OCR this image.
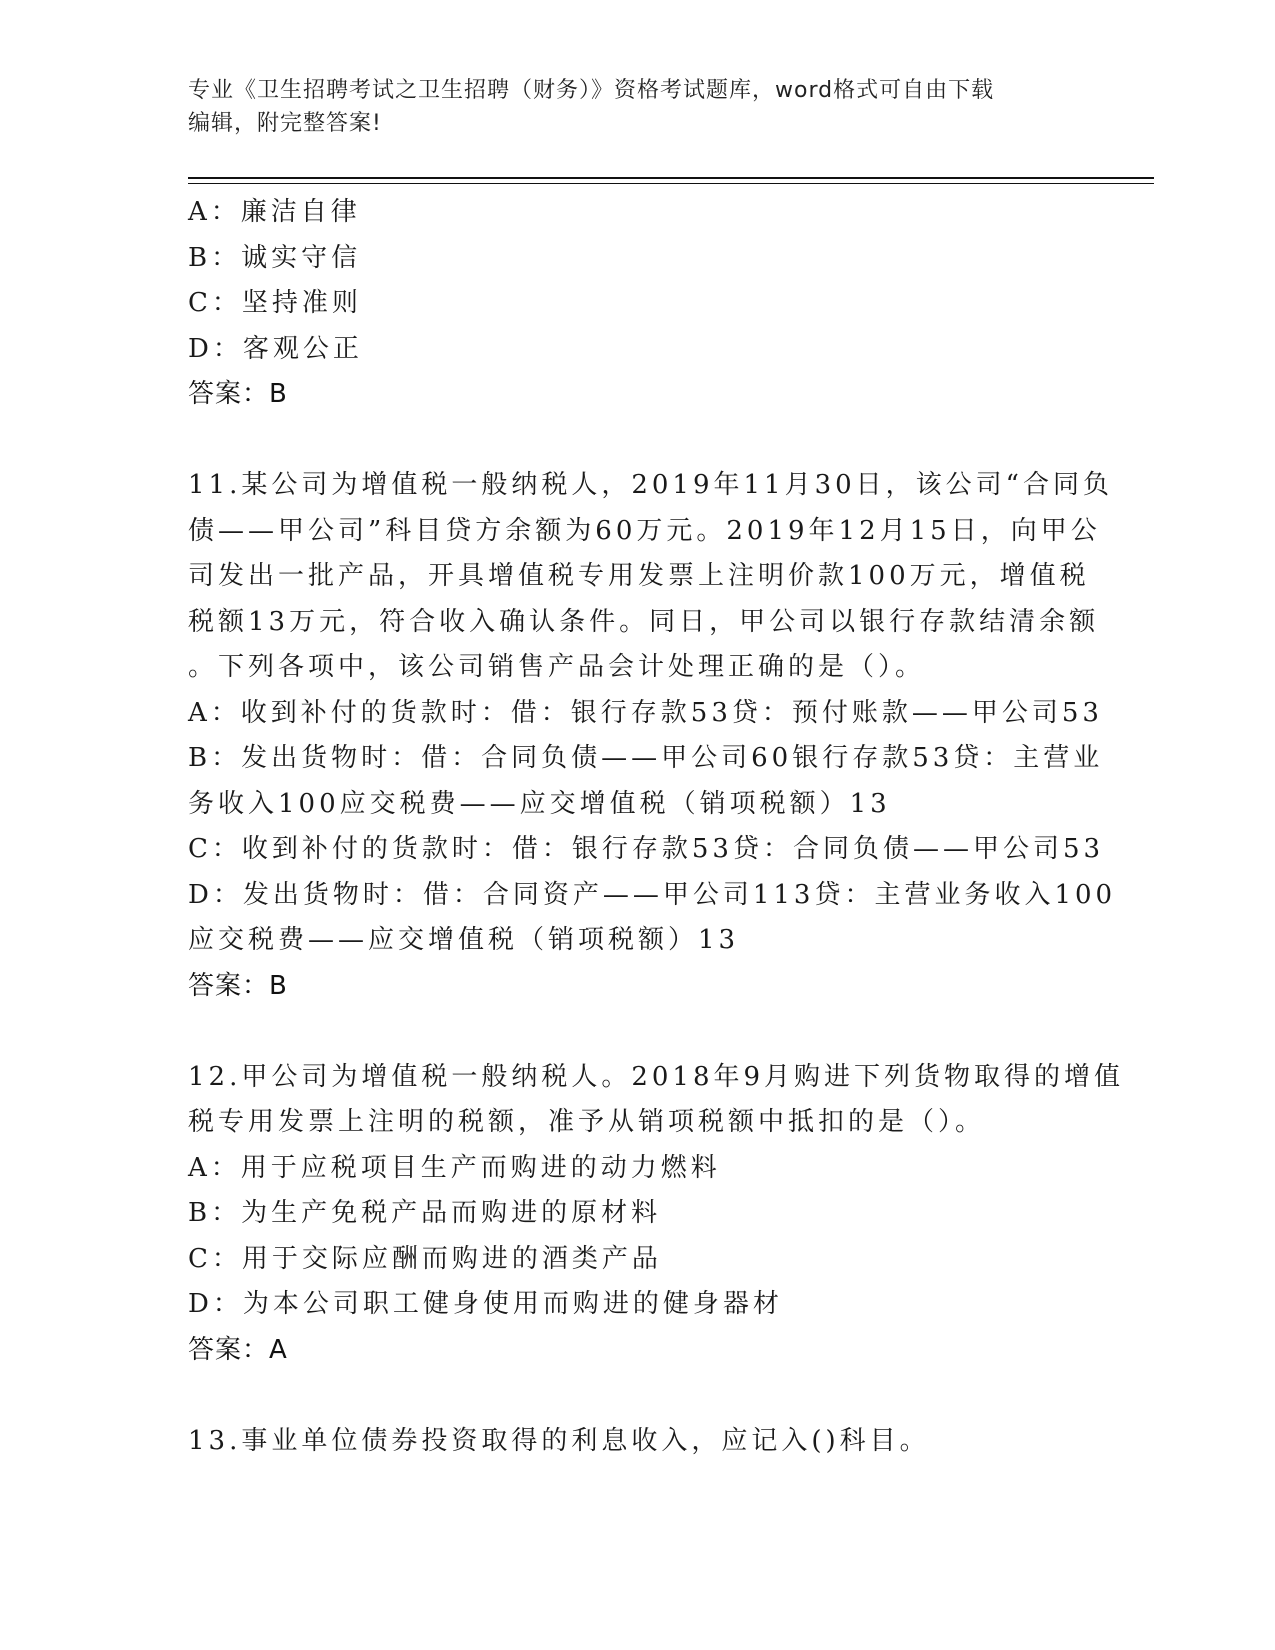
专业《卫生招聘考试之卫生招聘（财务）》资格考试题库，word格式可自由下载
编辑，附完整答案!
A：廉洁自律
B：诚实守信
C：坚持准则
D：客观公正
答案：B
11.某公司为增值税一般纳税人，2019年11月30日，该公司“合同负
债——甲公司”科目贷方余额为60万元。2019年12月15日，向甲公
司发出一批产品，开具增值税专用发票上注明价款100万元，增值税
税额13万元，符合收入确认条件。同日，甲公司以银行存款结清余额
。下列各项中，该公司销售产品会计处理正确的是（）。
A：收到补付的货款时：借：银行存款53贷：预付账款——甲公司53
B：发出货物时：借：合同负债——甲公司60银行存款53贷：主营业
务收入100应交税费——应交增值税（销项税额）13
C：收到补付的货款时：借：银行存款53贷：合同负债——甲公司53
D：发出货物时：借：合同资产——甲公司113贷：主营业务收入100
应交税费——应交增值税（销项税额）13
答案：B
12.甲公司为增值税一般纳税人。2018年9月购进下列货物取得的增值
税专用发票上注明的税额，准予从销项税额中抵扣的是（）。
A：用于应税项目生产而购进的动力燃料
B：为生产免税产品而购进的原材料
C：用于交际应酬而购进的酒类产品
D：为本公司职工健身使用而购进的健身器材
答案：A
13.事业单位债券投资取得的利息收入，应记入()科目。
